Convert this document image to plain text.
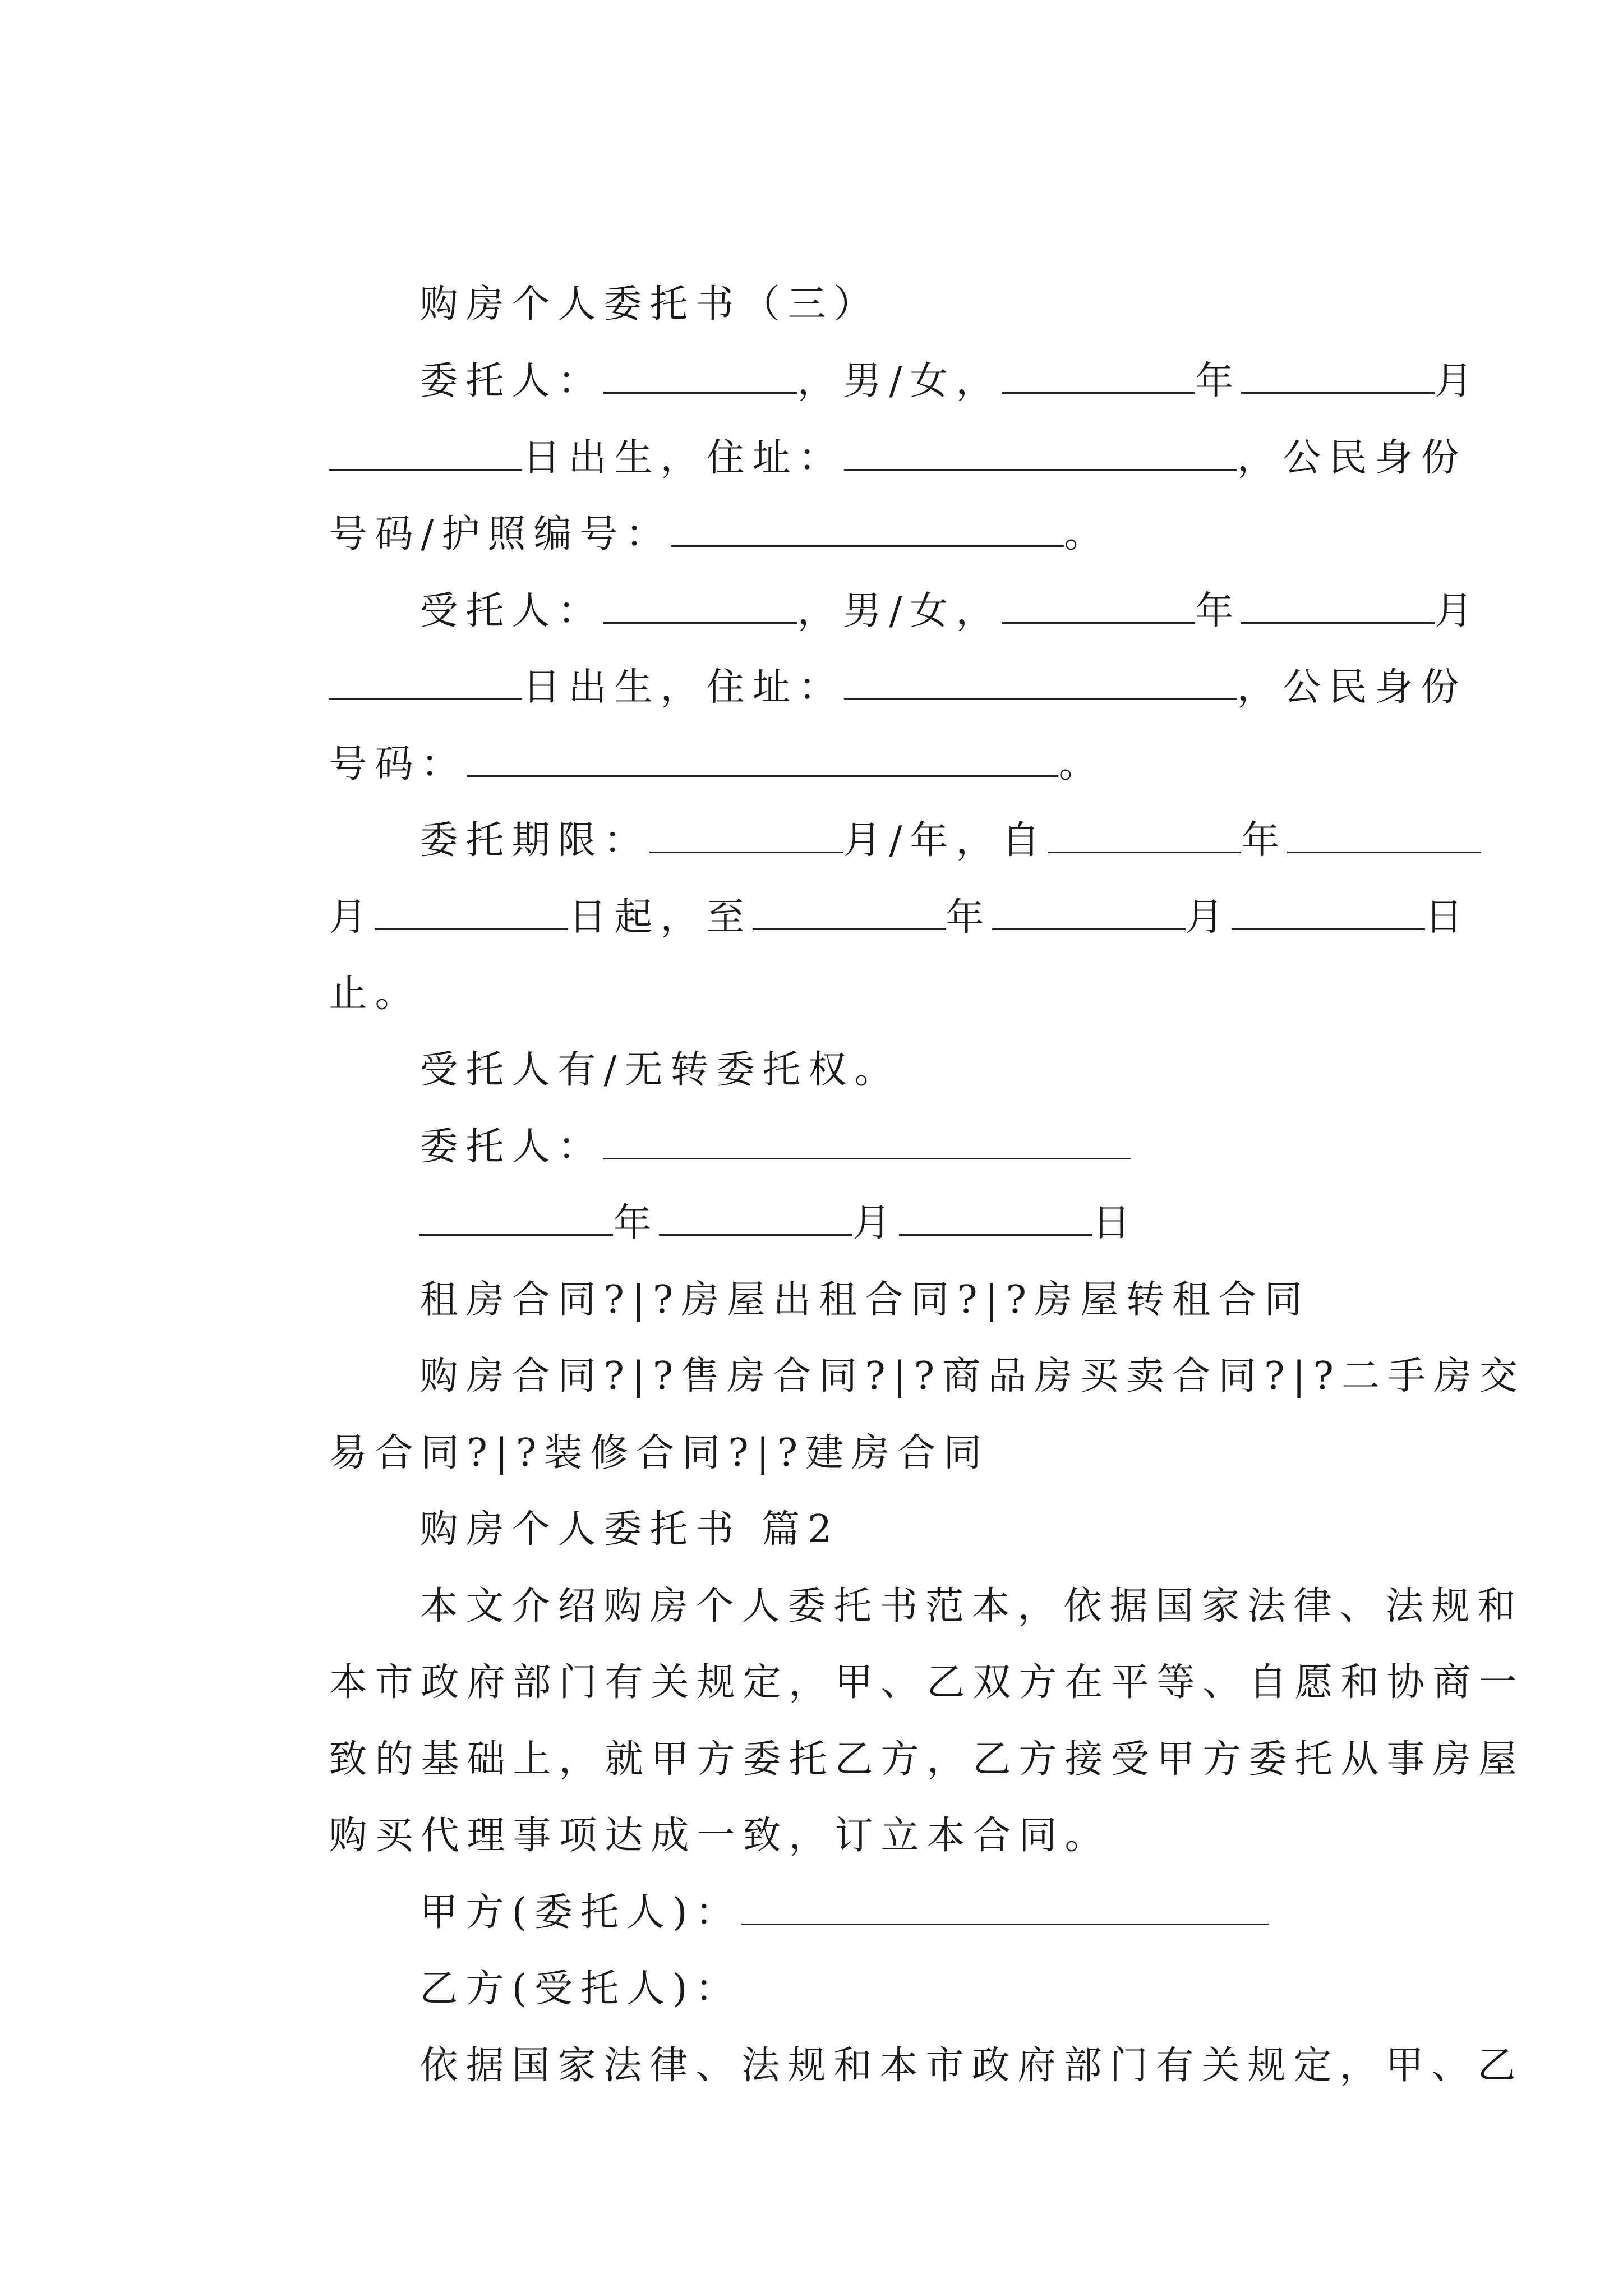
购房个人委托书（三）

委托人：	，男/女，	年	月

日出生，住址：	，公民身份

号码/护照编号：	。

受托人：	，男/女，	年	月

日出生，住址：	，公民身份

号码：	。

委托期限：	月/年，自	年

月	日起，至	年	月	日

止。

受托人有/无转委托权。

委托人：

年	月	日

租房合同?|?房屋出租合同?|?房屋转租合同

购房合同?|?售房合同?|?商品房买卖合同?|?二手房交

易合同?|?装修合同?|?建房合同

购房个人委托书 篇2

本文介绍购房个人委托书范本，依据国家法律、法规和

本市政府部门有关规定，甲、乙双方在平等、自愿和协商一

致的基础上，就甲方委托乙方，乙方接受甲方委托从事房屋

购买代理事项达成一致，订立本合同。

甲方(委托人)：

乙方(受托人)：

依据国家法律、法规和本市政府部门有关规定，甲、乙
